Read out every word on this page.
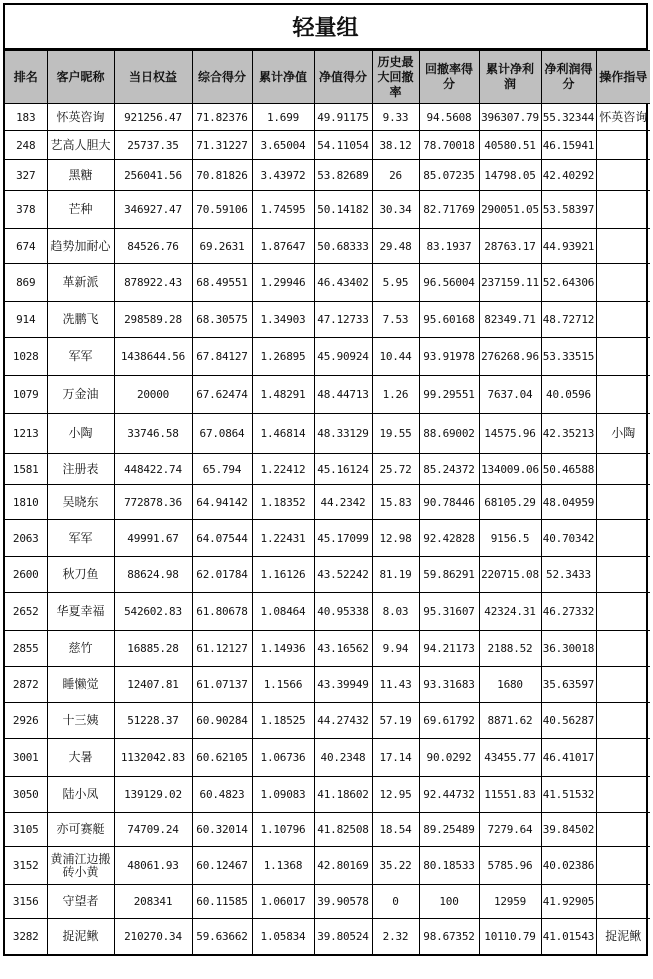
轻量组
排名	客户昵称	当日权益	综合得分	累计净值	净值得分	历史最大回撤率	回撤率得分	累计净利润	净利润得分	操作指导
183	怀英咨询	921256.47	71.82376	1.699	49.91175	9.33	94.5608	396307.79	55.32344	怀英咨询
248	艺高人胆大	25737.35	71.31227	3.65004	54.11054	38.12	78.70018	40580.51	46.15941	
327	黑糖	256041.56	70.81826	3.43972	53.82689	26	85.07235	14798.05	42.40292	
378	芒种	346927.47	70.59106	1.74595	50.14182	30.34	82.71769	290051.05	53.58397	
674	趋势加耐心	84526.76	69.2631	1.87647	50.68333	29.48	83.1937	28763.17	44.93921	
869	革新派	878922.43	68.49551	1.29946	46.43402	5.95	96.56004	237159.11	52.64306	
914	冼鹏飞	298589.28	68.30575	1.34903	47.12733	7.53	95.60168	82349.71	48.72712	
1028	军军	1438644.56	67.84127	1.26895	45.90924	10.44	93.91978	276268.96	53.33515	
1079	万金油	20000	67.62474	1.48291	48.44713	1.26	99.29551	7637.04	40.0596	
1213	小陶	33746.58	67.0864	1.46814	48.33129	19.55	88.69002	14575.96	42.35213	小陶
1581	注册表	448422.74	65.794	1.22412	45.16124	25.72	85.24372	134009.06	50.46588	
1810	吴晓东	772878.36	64.94142	1.18352	44.2342	15.83	90.78446	68105.29	48.04959	
2063	军军	49991.67	64.07544	1.22431	45.17099	12.98	92.42828	9156.5	40.70342	
2600	秋刀鱼	88624.98	62.01784	1.16126	43.52242	81.19	59.86291	220715.08	52.3433	
2652	华夏幸福	542602.83	61.80678	1.08464	40.95338	8.03	95.31607	42324.31	46.27332	
2855	慈竹	16885.28	61.12127	1.14936	43.16562	9.94	94.21173	2188.52	36.30018	
2872	睡懒觉	12407.81	61.07137	1.1566	43.39949	11.43	93.31683	1680	35.63597	
2926	十三姨	51228.37	60.90284	1.18525	44.27432	57.19	69.61792	8871.62	40.56287	
3001	大暑	1132042.83	60.62105	1.06736	40.2348	17.14	90.0292	43455.77	46.41017	
3050	陆小凤	139129.02	60.4823	1.09083	41.18602	12.95	92.44732	11551.83	41.51532	
3105	亦可赛艇	74709.24	60.32014	1.10796	41.82508	18.54	89.25489	7279.64	39.84502	
3152	黄浦江边搬砖小黄	48061.93	60.12467	1.1368	42.80169	35.22	80.18533	5785.96	40.02386	
3156	守望者	208341	60.11585	1.06017	39.90578	0	100	12959	41.92905	
3282	捉泥鳅	210270.34	59.63662	1.05834	39.80524	2.32	98.67352	10110.79	41.01543	捉泥鳅
